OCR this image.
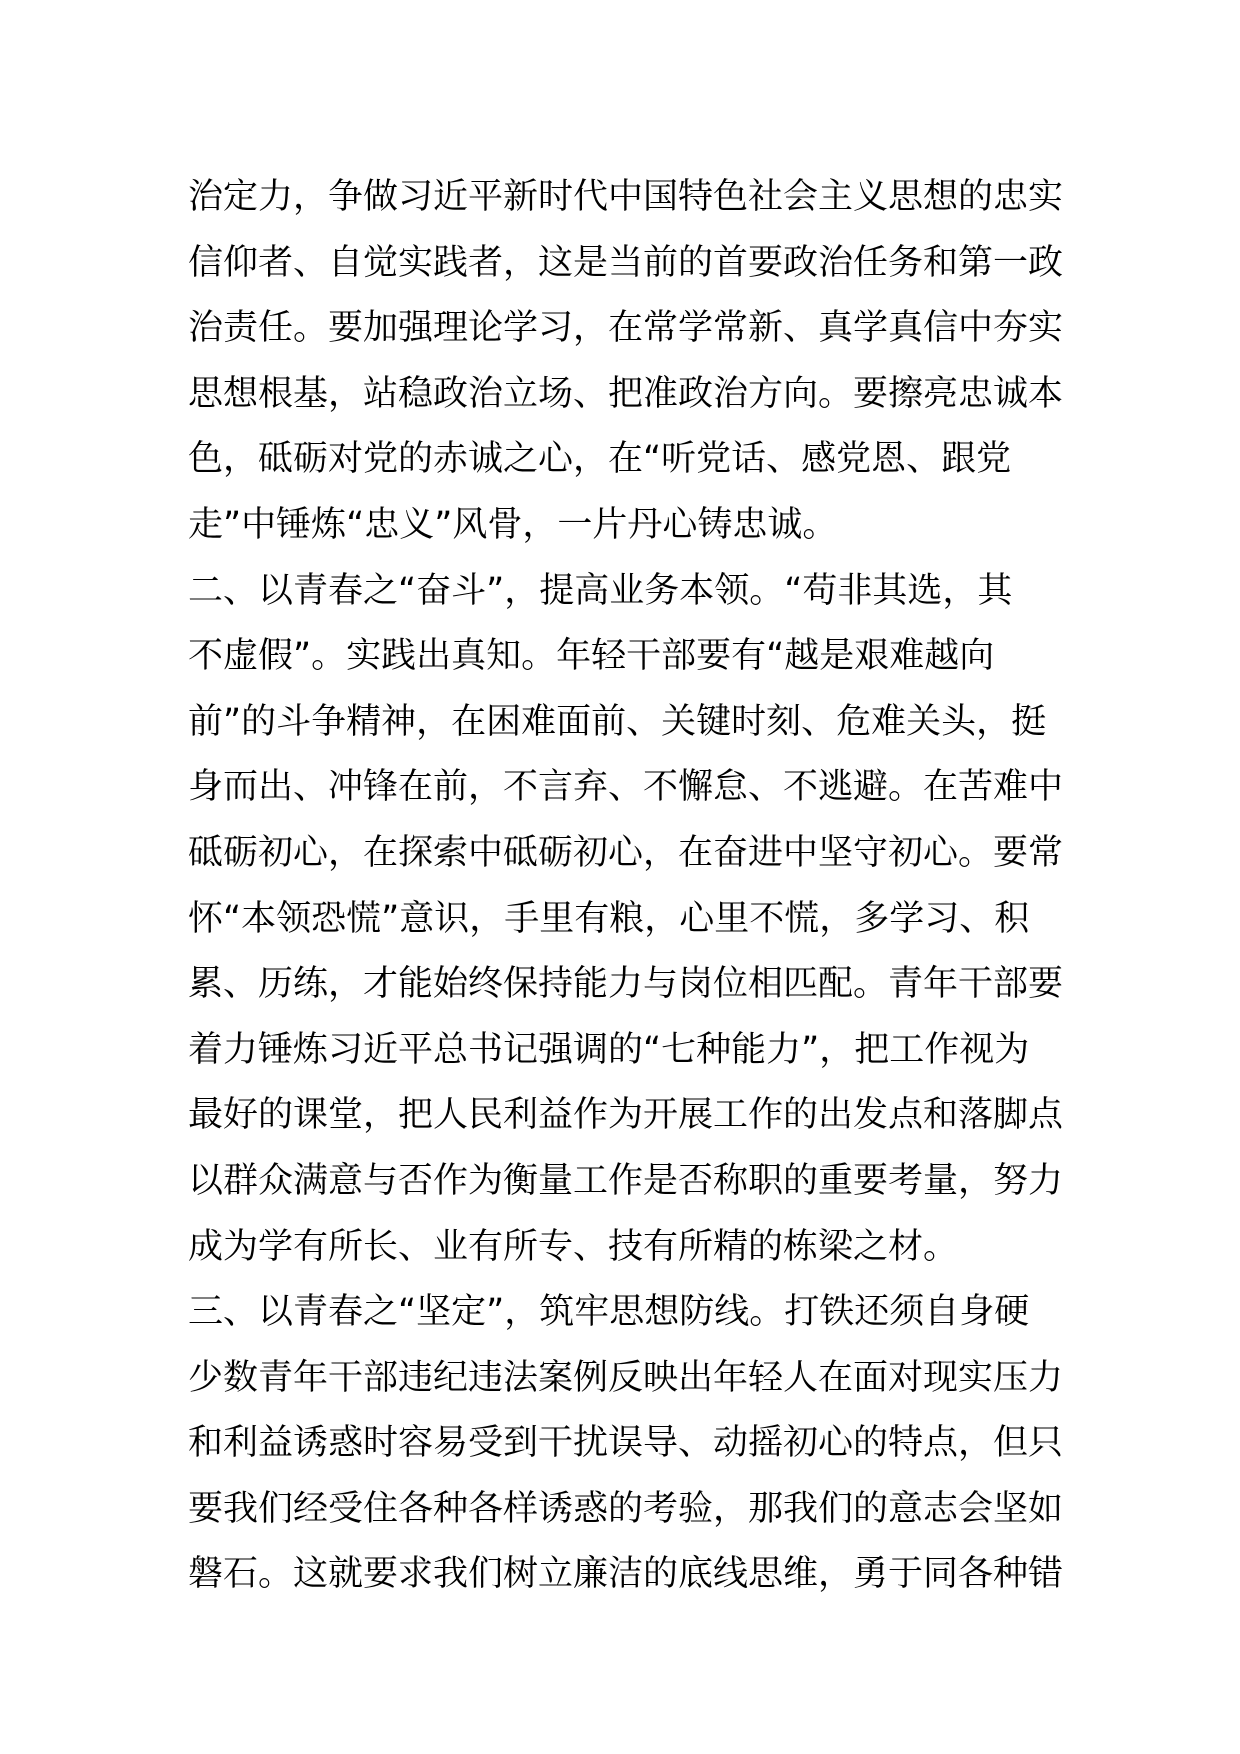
治定力，争做习近平新时代中国特色社会主义思想的忠实
信仰者、自觉实践者，这是当前的首要政治任务和第一政
治责任。要加强理论学习，在常学常新、真学真信中夯实
思想根基，站稳政治立场、把准政治方向。要擦亮忠诚本
色，砥砺对党的赤诚之心，在“听党话、感党恩、跟党
走”中锤炼“忠义”风骨，一片丹心铸忠诚。
二、以青春之“奋斗”，提高业务本领。“苟非其选，其
不虚假”。实践出真知。年轻干部要有“越是艰难越向
前”的斗争精神，在困难面前、关键时刻、危难关头，挺
身而出、冲锋在前，不言弃、不懈怠、不逃避。在苦难中
砥砺初心，在探索中砥砺初心，在奋进中坚守初心。要常
怀“本领恐慌”意识，手里有粮，心里不慌，多学习、积
累、历练，才能始终保持能力与岗位相匹配。青年干部要
着力锤炼习近平总书记强调的“七种能力”，把工作视为
最好的课堂，把人民利益作为开展工作的出发点和落脚点
以群众满意与否作为衡量工作是否称职的重要考量，努力
成为学有所长、业有所专、技有所精的栋梁之材。
三、以青春之“坚定”，筑牢思想防线。打铁还须自身硬
少数青年干部违纪违法案例反映出年轻人在面对现实压力
和利益诱惑时容易受到干扰误导、动摇初心的特点，但只
要我们经受住各种各样诱惑的考验，那我们的意志会坚如
磐石。这就要求我们树立廉洁的底线思维，勇于同各种错
